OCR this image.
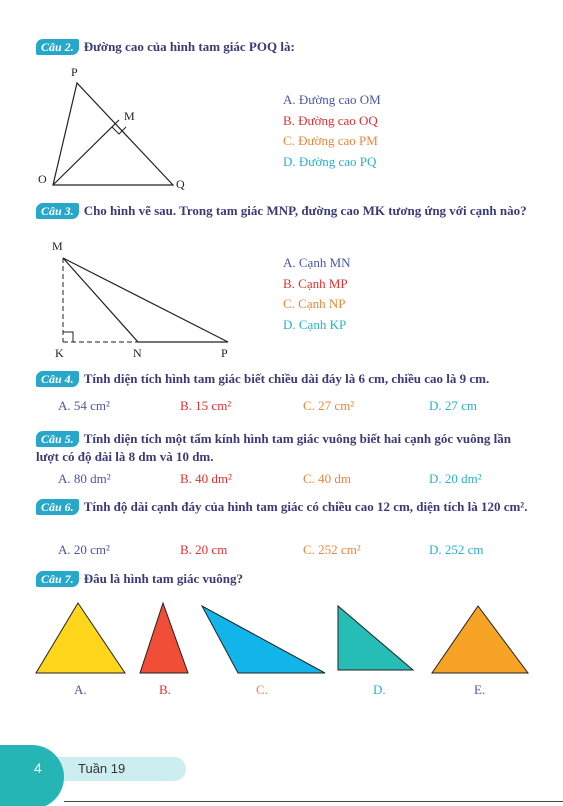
Câu 2. Đường cao của hình tam giác POQ là:
P
M
O	Q
A. Đường cao OM
B. Đường cao OQ
C. Đường cao PM
D. Đường cao PQ
Câu 3. Cho hình vẽ sau. Trong tam giác MNP, đường cao MK tương ứng với cạnh nào?
M
K	N	P
A. Cạnh MN
B. Cạnh MP
C. Cạnh NP
D. Cạnh KP
Câu 4. Tính diện tích hình tam giác biết chiều dài đáy là 6 cm, chiều cao là 9 cm.
A. 54 cm²	B. 15 cm²	C. 27 cm²	D. 27 cm
Câu 5. Tính diện tích một tấm kính hình tam giác vuông biết hai cạnh góc vuông lần lượt có độ dài là 8 dm và 10 dm.
A. 80 dm²	B. 40 dm²	C. 40 dm	D. 20 dm²
Câu 6. Tính độ dài cạnh đáy của hình tam giác có chiều cao 12 cm, diện tích là 120 cm².
A. 20 cm²	B. 20 cm	C. 252 cm²	D. 252 cm
Câu 7. Đâu là hình tam giác vuông?
A.	B.	C.	D.	E.
4	Tuần 19
